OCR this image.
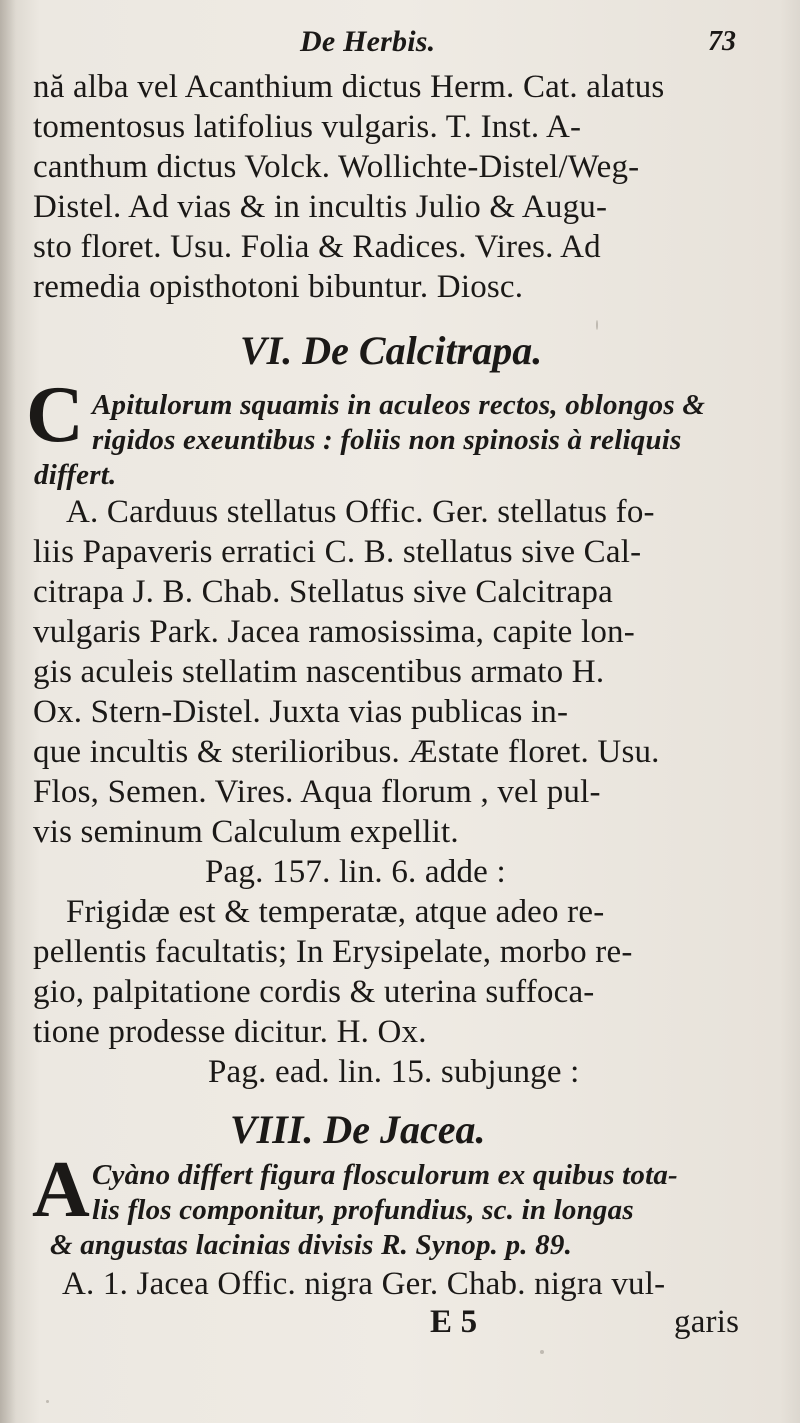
De Herbis.	73
nă alba vel Acanthium dictus Herm. Cat. alatus
tomentosus latifolius vulgaris. T. Inst. A-
canthum dictus Volck. Wollichte-Distel/Weg-
Distel. Ad vias & in incultis Julio & Augu-
sto floret. Usu. Folia & Radices. Vires. Ad
remedia opisthotoni bibuntur. Diosc.
VI. De Calcitrapa.
C Apitulorum squamis in aculeos rectos, oblongos &
rigidos exeuntibus : foliis non spinosis à reliquis
differt.
A. Carduus stellatus Offic. Ger. stellatus fo-
liis Papaveris erratici C. B. stellatus sive Cal-
citrapa J. B. Chab. Stellatus sive Calcitrapa
vulgaris Park. Jacea ramosissima, capite lon-
gis aculeis stellatim nascentibus armato H.
Ox. Stern-Distel. Juxta vias publicas in-
que incultis & sterilioribus. Æstate floret. Usu.
Flos, Semen. Vires. Aqua florum , vel pul-
vis seminum Calculum expellit.
Pag. 157. lin. 6. adde :
Frigidæ est & temperatæ, atque adeo re-
pellentis facultatis; In Erysipelate, morbo re-
gio, palpitatione cordis & uterina suffoca-
tione prodesse dicitur. H. Ox.
Pag. ead. lin. 15. subjunge :
VIII. De Jacea.
A Cyàno differt figura flosculorum ex quibus tota-
lis flos componitur, profundius, sc. in longas
& angustas lacinias divisis R. Synop. p. 89.
A. 1. Jacea Offic. nigra Ger. Chab. nigra vul-
E 5	garis
